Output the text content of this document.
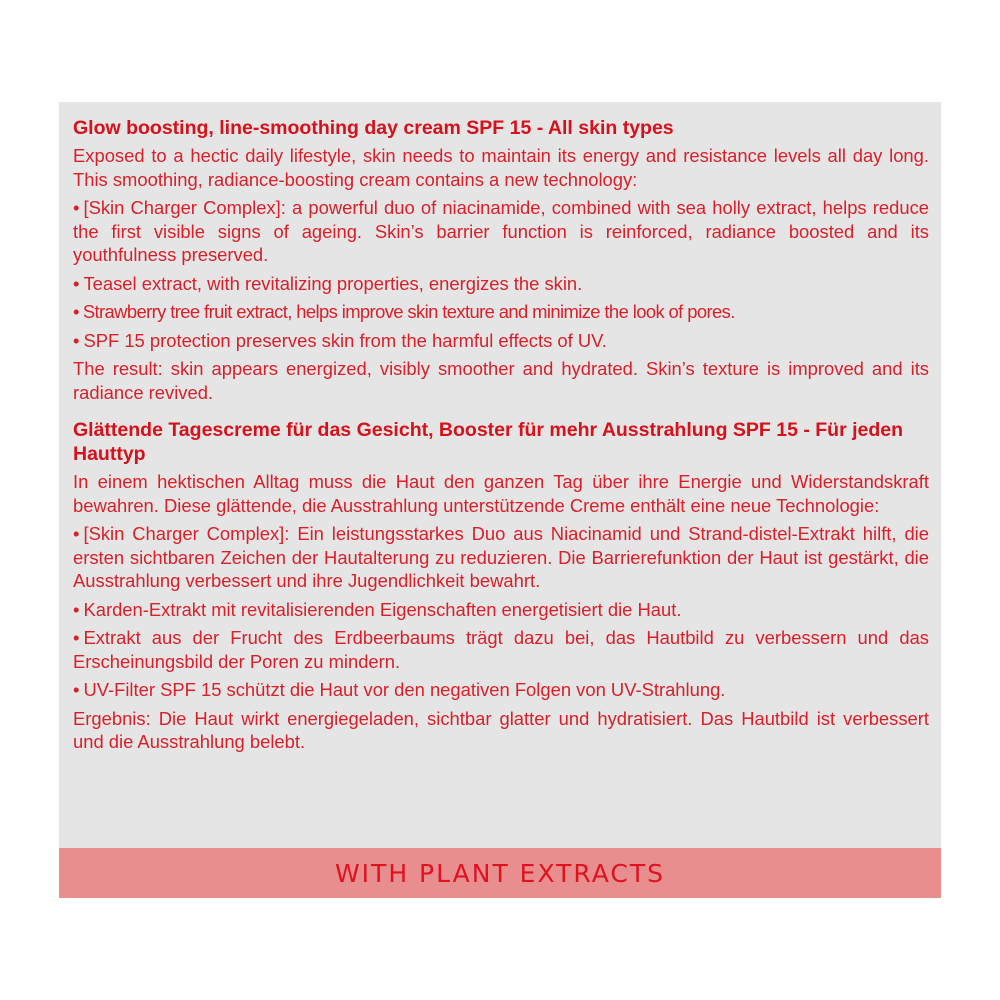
Glow boosting, line-smoothing day cream SPF 15 - All skin types

Exposed to a hectic daily lifestyle, skin needs to maintain its energy and resistance levels all day long. This smoothing, radiance-boosting cream contains a new technology:

• [Skin Charger Complex]: a powerful duo of niacinamide, combined with sea holly extract, helps reduce the first visible signs of ageing. Skin’s barrier function is reinforced, radiance boosted and its youthfulness preserved.

• Teasel extract, with revitalizing properties, energizes the skin.

• Strawberry tree fruit extract, helps improve skin texture and minimize the look of pores.

• SPF 15 protection preserves skin from the harmful effects of UV.

The result: skin appears energized, visibly smoother and hydrated. Skin’s texture is improved and its radiance revived.

Glättende Tagescreme für das Gesicht, Booster für mehr Ausstrahlung SPF 15 - Für jeden Hauttyp

In einem hektischen Alltag muss die Haut den ganzen Tag über ihre Energie und Widerstandskraft bewahren. Diese glättende, die Ausstrahlung unterstützende Creme enthält eine neue Technologie:

• [Skin Charger Complex]: Ein leistungsstarkes Duo aus Niacinamid und Strand-distel-Extrakt hilft, die ersten sichtbaren Zeichen der Hautalterung zu reduzieren. Die Barrierefunktion der Haut ist gestärkt, die Ausstrahlung verbessert und ihre Jugendlichkeit bewahrt.

• Karden-Extrakt mit revitalisierenden Eigenschaften energetisiert die Haut.

• Extrakt aus der Frucht des Erdbeerbaums trägt dazu bei, das Hautbild zu verbessern und das Erscheinungsbild der Poren zu mindern.

• UV-Filter SPF 15 schützt die Haut vor den negativen Folgen von UV-Strahlung.

Ergebnis: Die Haut wirkt energiegeladen, sichtbar glatter und hydratisiert. Das Hautbild ist verbessert und die Ausstrahlung belebt.

WITH PLANT EXTRACTS
